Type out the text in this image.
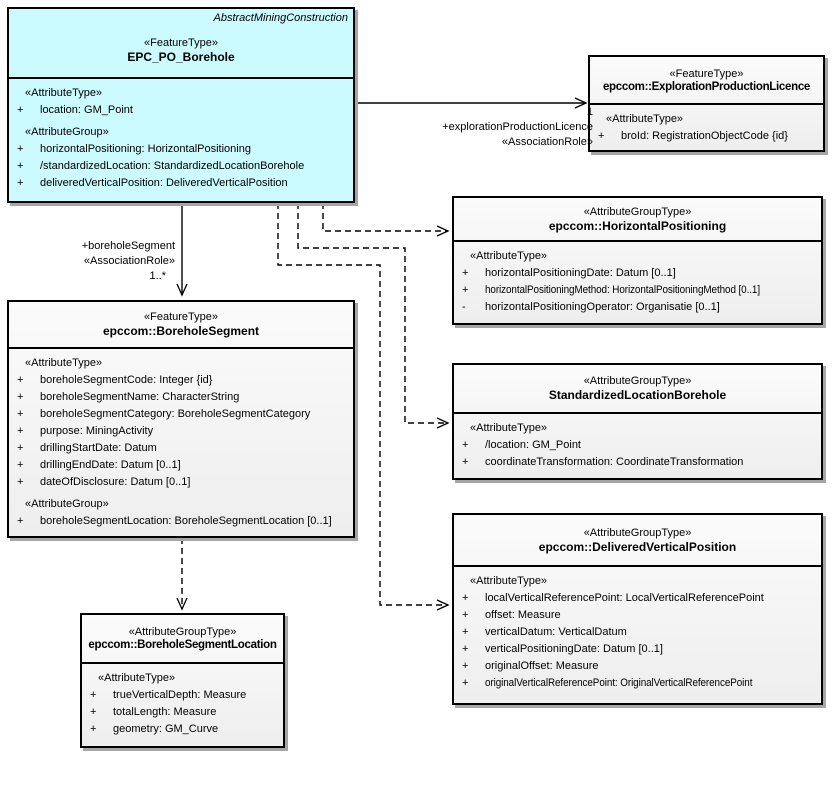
AbstractMiningConstruction
«FeatureType»
EPC_PO_Borehole
«AttributeType»
+ location: GM_Point
«AttributeGroup»
+ horizontalPositioning: HorizontalPositioning
+ /standardizedLocation: StandardizedLocationBorehole
+ deliveredVerticalPosition: DeliveredVerticalPosition
«FeatureType»
epccom::ExplorationProductionLicence
«AttributeType»
+ broId: RegistrationObjectCode {id}
«AttributeGroupType»
epccom::HorizontalPositioning
«AttributeType»
+ horizontalPositioningDate: Datum [0..1]
+ horizontalPositioningMethod: HorizontalPositioningMethod [0..1]
- horizontalPositioningOperator: Organisatie [0..1]
«AttributeGroupType»
StandardizedLocationBorehole
«AttributeType»
+ /location: GM_Point
+ coordinateTransformation: CoordinateTransformation
«AttributeGroupType»
epccom::DeliveredVerticalPosition
«AttributeType»
+ localVerticalReferencePoint: LocalVerticalReferencePoint
+ offset: Measure
+ verticalDatum: VerticalDatum
+ verticalPositioningDate: Datum [0..1]
+ originalOffset: Measure
+ originalVerticalReferencePoint: OriginalVerticalReferencePoint
«FeatureType»
epccom::BoreholeSegment
«AttributeType»
+ boreholeSegmentCode: Integer {id}
+ boreholeSegmentName: CharacterString
+ boreholeSegmentCategory: BoreholeSegmentCategory
+ purpose: MiningActivity
+ drillingStartDate: Datum
+ drillingEndDate: Datum [0..1]
+ dateOfDisclosure: Datum [0..1]
«AttributeGroup»
+ boreholeSegmentLocation: BoreholeSegmentLocation [0..1]
«AttributeGroupType»
epccom::BoreholeSegmentLocation
«AttributeType»
+ trueVerticalDepth: Measure
+ totalLength: Measure
+ geometry: GM_Curve
1
+explorationProductionLicence
«AssociationRole»
+boreholeSegment
«AssociationRole»
1..*
